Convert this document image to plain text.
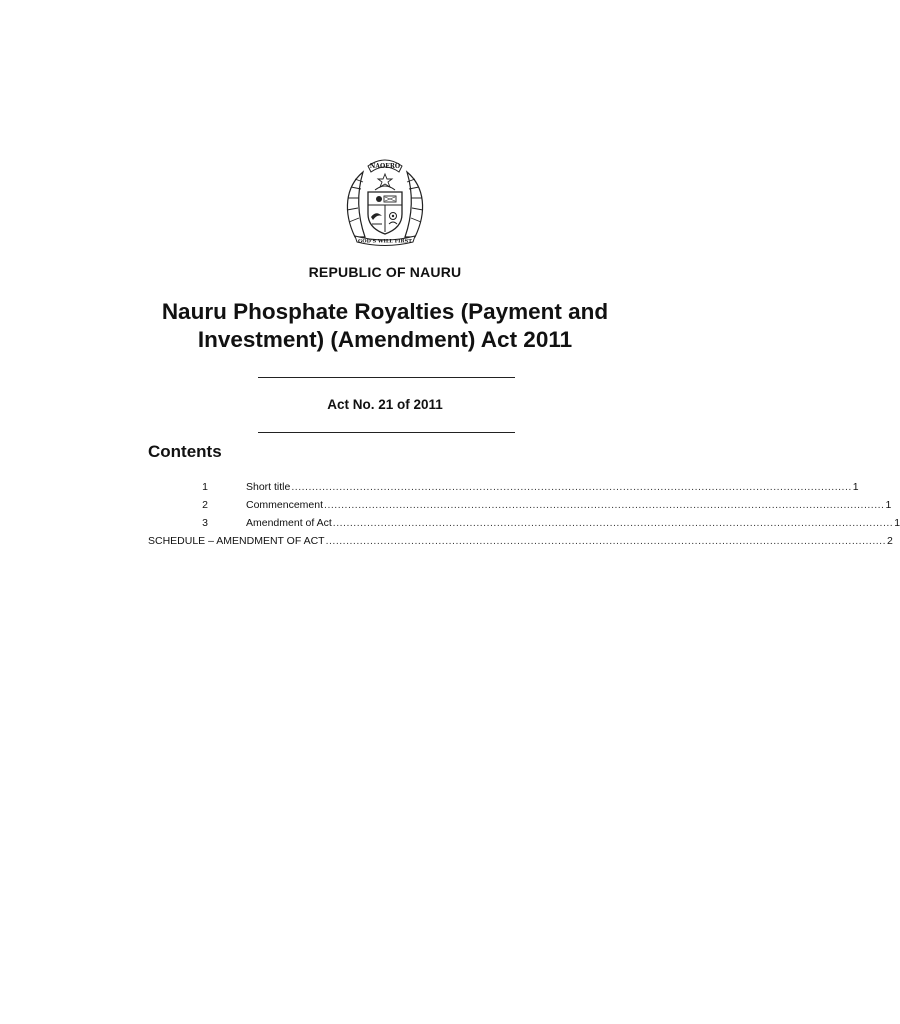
NAOERO
GOD'S WILL FIRST
REPUBLIC OF NAURU
Nauru Phosphate Royalties (Payment and
Investment) (Amendment) Act 2011
Act No. 21 of 2011
Contents
1	Short title .................................................................................................................................................................... 1
2	Commencement .................................................................................................................................................................... 1
3	Amendment of Act .................................................................................................................................................................... 1
SCHEDULE – AMENDMENT OF ACT .................................................................................................................................................................... 2
